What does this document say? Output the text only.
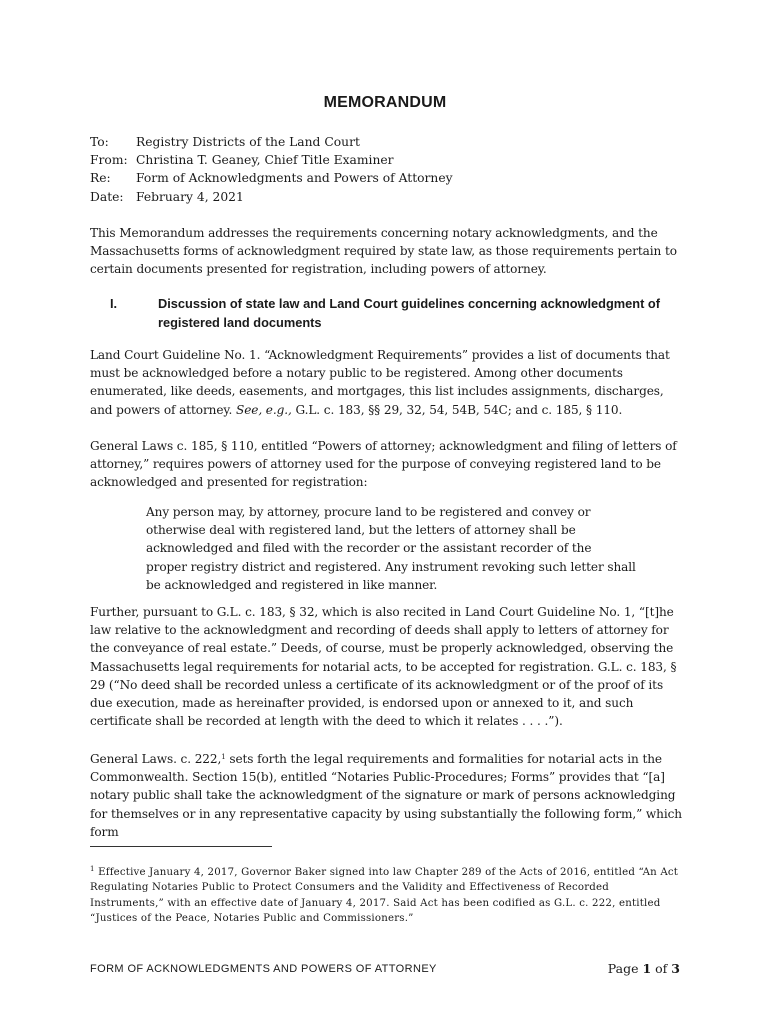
MEMORANDUM
To:	Registry Districts of the Land Court
From: Christina T. Geaney, Chief Title Examiner
Re:	Form of Acknowledgments and Powers of Attorney
Date:	February 4, 2021

This Memorandum addresses the requirements concerning notary acknowledgments, and the Massachusetts forms of acknowledgment required by state law, as those requirements pertain to certain documents presented for registration, including powers of attorney.

I.	Discussion of state law and Land Court guidelines concerning acknowledgment of registered land documents

Land Court Guideline No. 1. “Acknowledgment Requirements” provides a list of documents that must be acknowledged before a notary public to be registered. Among other documents enumerated, like deeds, easements, and mortgages, this list includes assignments, discharges, and powers of attorney. See, e.g., G.L. c. 183, §§ 29, 32, 54, 54B, 54C; and c. 185, § 110.

General Laws c. 185, § 110, entitled “Powers of attorney; acknowledgment and filing of letters of attorney,” requires powers of attorney used for the purpose of conveying registered land to be acknowledged and presented for registration:

Any person may, by attorney, procure land to be registered and convey or otherwise deal with registered land, but the letters of attorney shall be acknowledged and filed with the recorder or the assistant recorder of the proper registry district and registered. Any instrument revoking such letter shall be acknowledged and registered in like manner.

Further, pursuant to G.L. c. 183, § 32, which is also recited in Land Court Guideline No. 1, “[t]he law relative to the acknowledgment and recording of deeds shall apply to letters of attorney for the conveyance of real estate.” Deeds, of course, must be properly acknowledged, observing the Massachusetts legal requirements for notarial acts, to be accepted for registration. G.L. c. 183, § 29 (“No deed shall be recorded unless a certificate of its acknowledgment or of the proof of its due execution, made as hereinafter provided, is endorsed upon or annexed to it, and such certificate shall be recorded at length with the deed to which it relates . . . .”).

General Laws. c. 222,$^1$ sets forth the legal requirements and formalities for notarial acts in the Commonwealth. Section 15(b), entitled “Notaries Public-Procedures; Forms” provides that “[a] notary public shall take the acknowledgment of the signature or mark of persons acknowledging for themselves or in any representative capacity by using substantially the following form,” which form

$^1$ Effective January 4, 2017, Governor Baker signed into law Chapter 289 of the Acts of 2016, entitled “An Act Regulating Notaries Public to Protect Consumers and the Validity and Effectiveness of Recorded Instruments,” with an effective date of January 4, 2017. Said Act has been codified as G.L. c. 222, entitled “Justices of the Peace, Notaries Public and Commissioners.”

FORM OF ACKNOWLEDGMENTS AND POWERS OF ATTORNEY	Page 1 of 3
